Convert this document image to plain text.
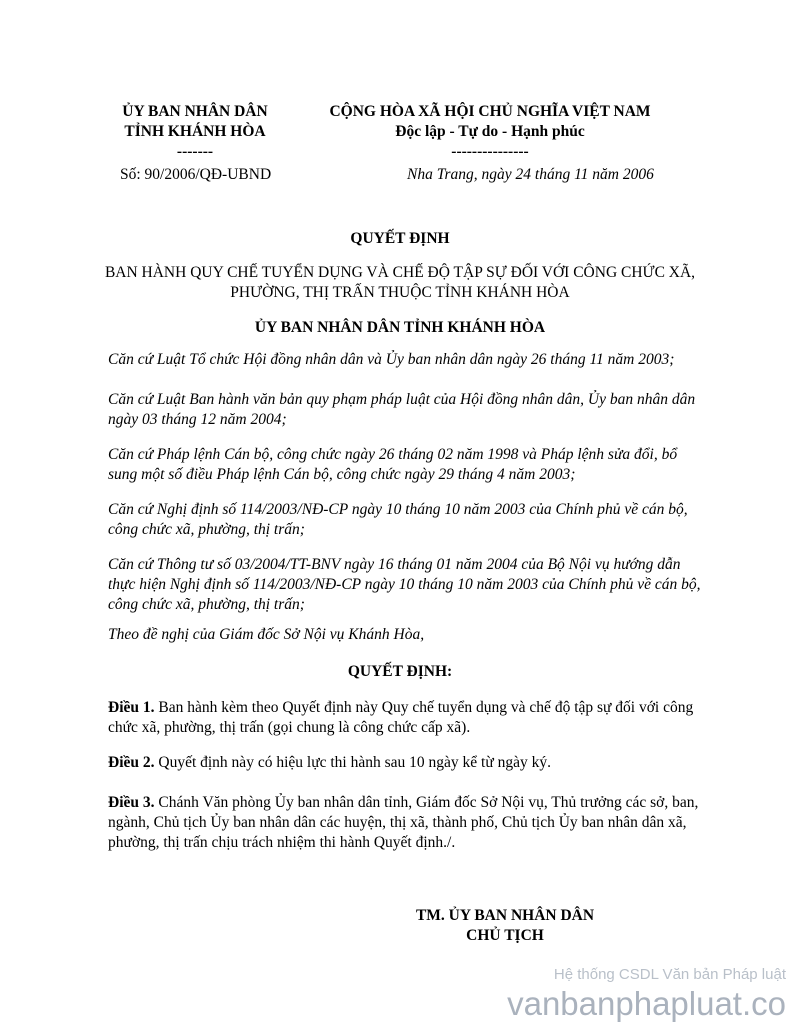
ỦY BAN NHÂN DÂN
TỈNH KHÁNH HÒA
-------
CỘNG HÒA XÃ HỘI CHỦ NGHĨA VIỆT NAM
Độc lập - Tự do - Hạnh phúc
---------------
Số: 90/2006/QĐ-UBND	Nha Trang, ngày 24 tháng 11 năm 2006
QUYẾT ĐỊNH
BAN HÀNH QUY CHẾ TUYỂN DỤNG VÀ CHẾ ĐỘ TẬP SỰ ĐỐI VỚI CÔNG CHỨC XÃ,
PHƯỜNG, THỊ TRẤN THUỘC TỈNH KHÁNH HÒA
ỦY BAN NHÂN DÂN TỈNH KHÁNH HÒA

Căn cứ Luật Tổ chức Hội đồng nhân dân và Ủy ban nhân dân ngày 26 tháng 11 năm 2003;

Căn cứ Luật Ban hành văn bản quy phạm pháp luật của Hội đồng nhân dân, Ủy ban nhân dân ngày 03 tháng 12 năm 2004;

Căn cứ Pháp lệnh Cán bộ, công chức ngày 26 tháng 02 năm 1998 và Pháp lệnh sửa đổi, bổ sung một số điều Pháp lệnh Cán bộ, công chức ngày 29 tháng 4 năm 2003;

Căn cứ Nghị định số 114/2003/NĐ-CP ngày 10 tháng 10 năm 2003 của Chính phủ về cán bộ, công chức xã, phường, thị trấn;

Căn cứ Thông tư số 03/2004/TT-BNV ngày 16 tháng 01 năm 2004 của Bộ Nội vụ hướng dẫn thực hiện Nghị định số 114/2003/NĐ-CP ngày 10 tháng 10 năm 2003 của Chính phủ về cán bộ, công chức xã, phường, thị trấn;

Theo đề nghị của Giám đốc Sở Nội vụ Khánh Hòa,

QUYẾT ĐỊNH:
Điều 1. Ban hành kèm theo Quyết định này Quy chế tuyển dụng và chế độ tập sự đối với công chức xã, phường, thị trấn (gọi chung là công chức cấp xã).
Điều 2. Quyết định này có hiệu lực thi hành sau 10 ngày kể từ ngày ký.
Điều 3. Chánh Văn phòng Ủy ban nhân dân tỉnh, Giám đốc Sở Nội vụ, Thủ trưởng các sở, ban, ngành, Chủ tịch Ủy ban nhân dân các huyện, thị xã, thành phố, Chủ tịch Ủy ban nhân dân xã, phường, thị trấn chịu trách nhiệm thi hành Quyết định./.
TM. ỦY BAN NHÂN DÂN
CHỦ TỊCH
Hệ thống CSDL Văn bản Pháp luật
vanbanphapluat.co
